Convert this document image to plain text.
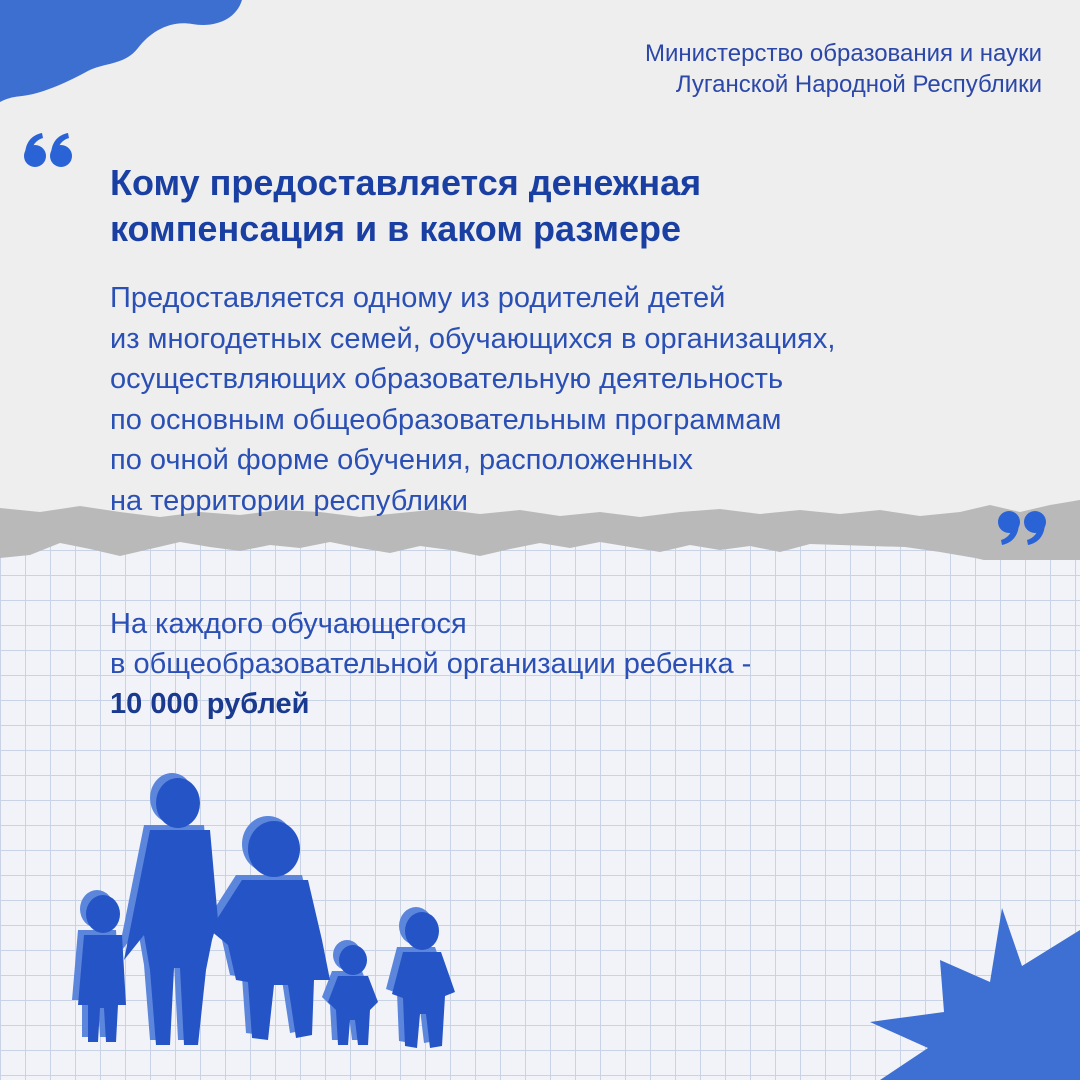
Министерство образования и науки
Луганской Народной Республики
Кому предоставляется денежная
компенсация и в каком размере
Предоставляется одному из родителей детей
из многодетных семей, обучающихся в организациях,
осуществляющих образовательную деятельность
по основным общеобразовательным программам
по очной форме обучения, расположенных
на территории республики
На каждого обучающегося
в общеобразовательной организации ребенка -
10 000 рублей
